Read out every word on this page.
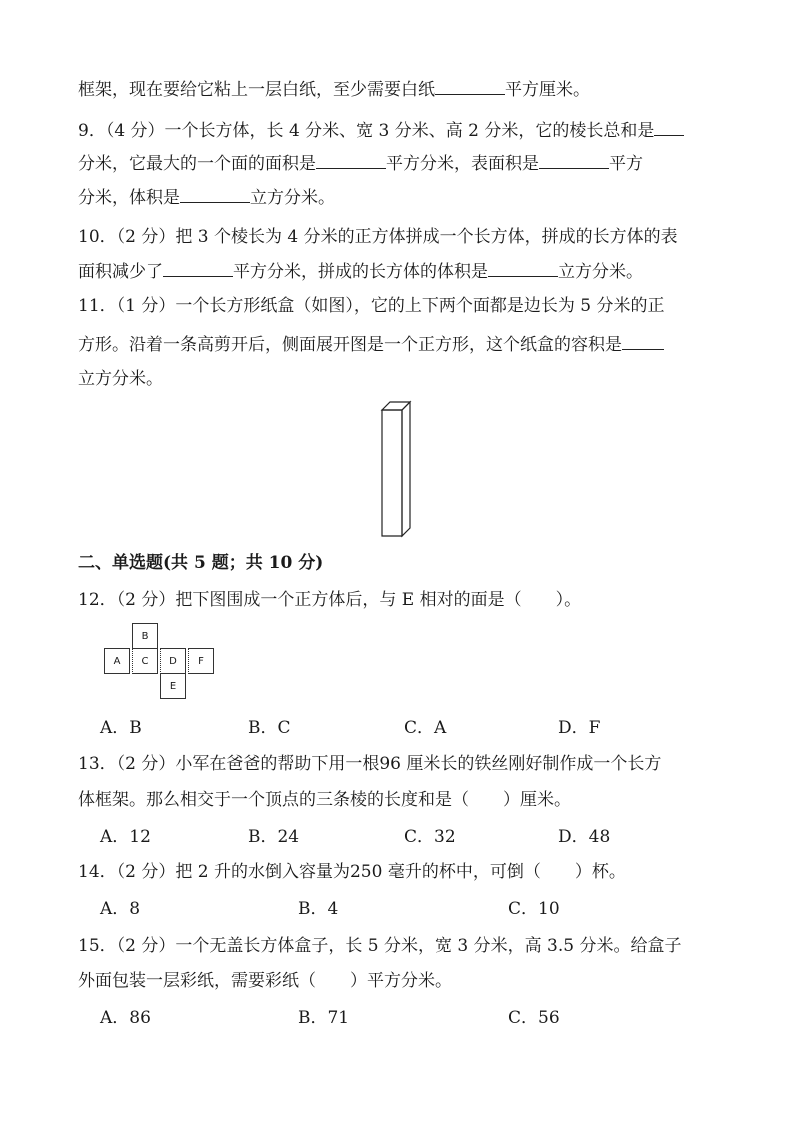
框架，现在要给它粘上一层白纸，至少需要白纸	平方厘米。
9．（4 分）一个长方体，长 4 分米、宽 3 分米、高 2 分米，它的棱长总和是
分米，它最大的一个面的面积是	平方分米，表面积是	平方
分米，体积是	立方分米。
10．（2 分）把 3 个棱长为 4 分米的正方体拼成一个长方体，拼成的长方体的表
面积减少了	平方分米，拼成的长方体的体积是	立方分米。
11．（1 分）一个长方形纸盒（如图），它的上下两个面都是边长为 5 分米的正
方形。沿着一条高剪开后，侧面展开图是一个正方形，这个纸盒的容积是
立方分米。
二、单选题(共 5 题；共 10 分)
12．（2 分）把下图围成一个正方体后，与 E 相对的面是（　　）。
B
A	C	D	F
E
A．B	B．C	C．A	D．F
13．（2 分）小军在爸爸的帮助下用一根96 厘米长的铁丝刚好制作成一个长方
体框架。那么相交于一个顶点的三条棱的长度和是（　　）厘米。
A．12	B．24	C．32	D．48
14．（2 分）把 2 升的水倒入容量为250 毫升的杯中，可倒（　　）杯。
A．8	B．4	C．10
15．（2 分）一个无盖长方体盒子，长 5 分米，宽 3 分米，高 3.5 分米。给盒子
外面包装一层彩纸，需要彩纸（　　）平方分米。
A．86	B．71	C．56
